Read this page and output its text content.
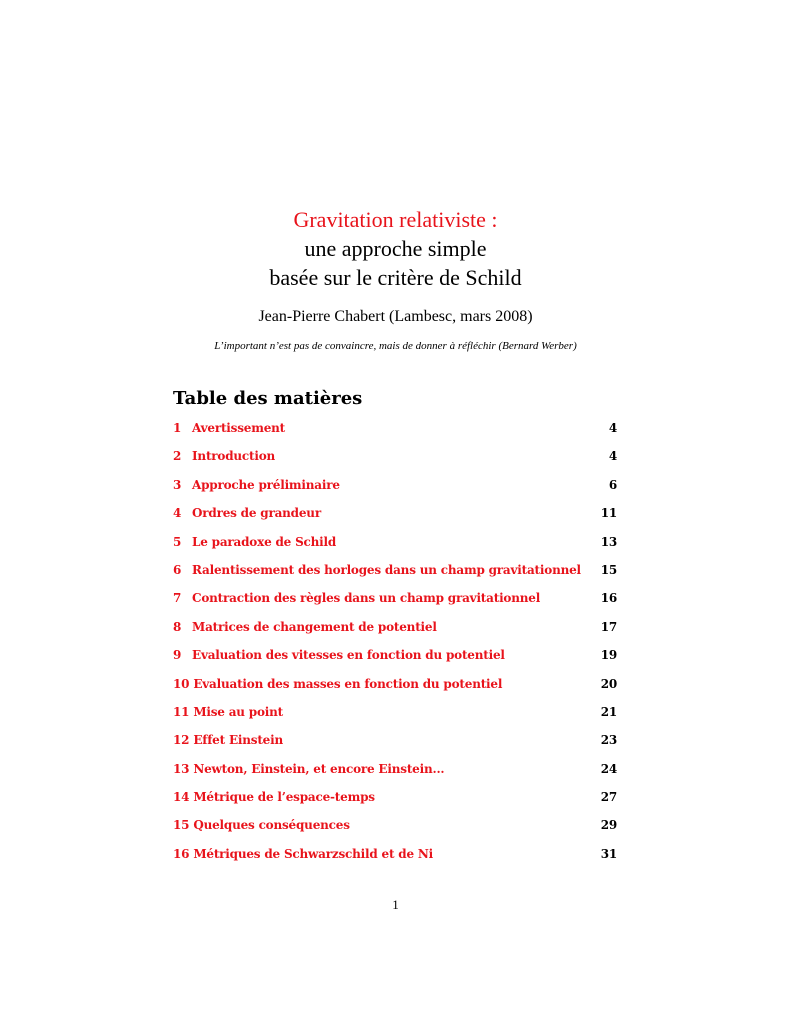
Gravitation relativiste :

une approche simple

basée sur le critère de Schild

Jean-Pierre Chabert (Lambesc, mars 2008)
L’important n’est pas de convaincre, mais de donner à réfléchir (Bernard Werber)
Table des matières
1 Avertissement	4
2 Introduction	4
3 Approche préliminaire	6
4 Ordres de grandeur	11
5 Le paradoxe de Schild	13
6 Ralentissement des horloges dans un champ gravitationnel	15
7 Contraction des règles dans un champ gravitationnel	16
8 Matrices de changement de potentiel	17
9 Evaluation des vitesses en fonction du potentiel	19
10 Evaluation des masses en fonction du potentiel	20
11 Mise au point	21
12 Effet Einstein	23
13 Newton, Einstein, et encore Einstein...	24
14 Métrique de l’espace-temps	27
15 Quelques conséquences	29
16 Métriques de Schwarzschild et de Ni	31
1
